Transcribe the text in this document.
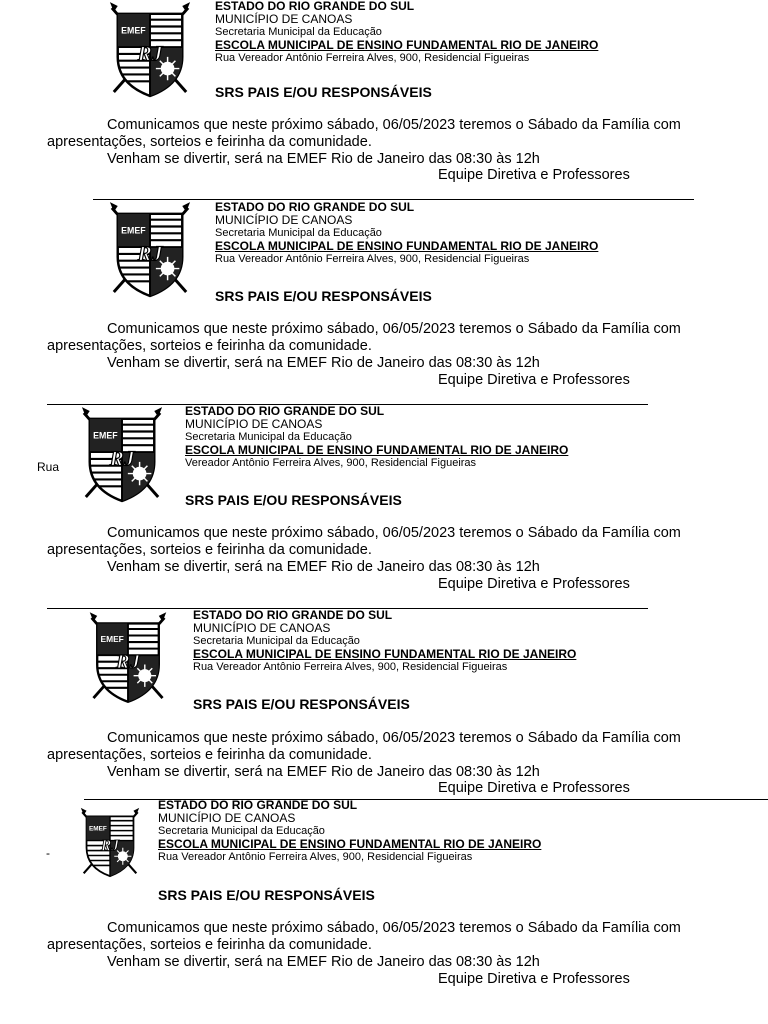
ESTADO DO RIO GRANDE DO SUL
MUNICÍPIO DE CANOAS
Secretaria Municipal da Educação
ESCOLA MUNICIPAL DE ENSINO FUNDAMENTAL RIO DE JANEIRO
Rua Vereador Antônio Ferreira Alves, 900, Residencial Figueiras
SRS PAIS E/OU RESPONSÁVEIS
Comunicamos que neste próximo sábado, 06/05/2023 teremos o Sábado da Família com
apresentações, sorteios e feirinha da comunidade.
Venham se divertir, será na EMEF Rio de Janeiro das 08:30 às 12h
Equipe Diretiva e Professores
ESTADO DO RIO GRANDE DO SUL
MUNICÍPIO DE CANOAS
Secretaria Municipal da Educação
ESCOLA MUNICIPAL DE ENSINO FUNDAMENTAL RIO DE JANEIRO
Rua Vereador Antônio Ferreira Alves, 900, Residencial Figueiras
SRS PAIS E/OU RESPONSÁVEIS
Comunicamos que neste próximo sábado, 06/05/2023 teremos o Sábado da Família com
apresentações, sorteios e feirinha da comunidade.
Venham se divertir, será na EMEF Rio de Janeiro das 08:30 às 12h
Equipe Diretiva e Professores
Rua
ESTADO DO RIO GRANDE DO SUL
MUNICÍPIO DE CANOAS
Secretaria Municipal da Educação
ESCOLA MUNICIPAL DE ENSINO FUNDAMENTAL RIO DE JANEIRO
Vereador Antônio Ferreira Alves, 900, Residencial Figueiras
SRS PAIS E/OU RESPONSÁVEIS
Comunicamos que neste próximo sábado, 06/05/2023 teremos o Sábado da Família com
apresentações, sorteios e feirinha da comunidade.
Venham se divertir, será na EMEF Rio de Janeiro das 08:30 às 12h
Equipe Diretiva e Professores
ESTADO DO RIO GRANDE DO SUL
MUNICÍPIO DE CANOAS
Secretaria Municipal da Educação
ESCOLA MUNICIPAL DE ENSINO FUNDAMENTAL RIO DE JANEIRO
Rua Vereador Antônio Ferreira Alves, 900, Residencial Figueiras
SRS PAIS E/OU RESPONSÁVEIS
Comunicamos que neste próximo sábado, 06/05/2023 teremos o Sábado da Família com
apresentações, sorteios e feirinha da comunidade.
Venham se divertir, será na EMEF Rio de Janeiro das 08:30 às 12h
Equipe Diretiva e Professores
-
ESTADO DO RIO GRANDE DO SUL
MUNICÍPIO DE CANOAS
Secretaria Municipal da Educação
ESCOLA MUNICIPAL DE ENSINO FUNDAMENTAL RIO DE JANEIRO
Rua Vereador Antônio Ferreira Alves, 900, Residencial Figueiras
SRS PAIS E/OU RESPONSÁVEIS
Comunicamos que neste próximo sábado, 06/05/2023 teremos o Sábado da Família com
apresentações, sorteios e feirinha da comunidade.
Venham se divertir, será na EMEF Rio de Janeiro das 08:30 às 12h
Equipe Diretiva e Professores
